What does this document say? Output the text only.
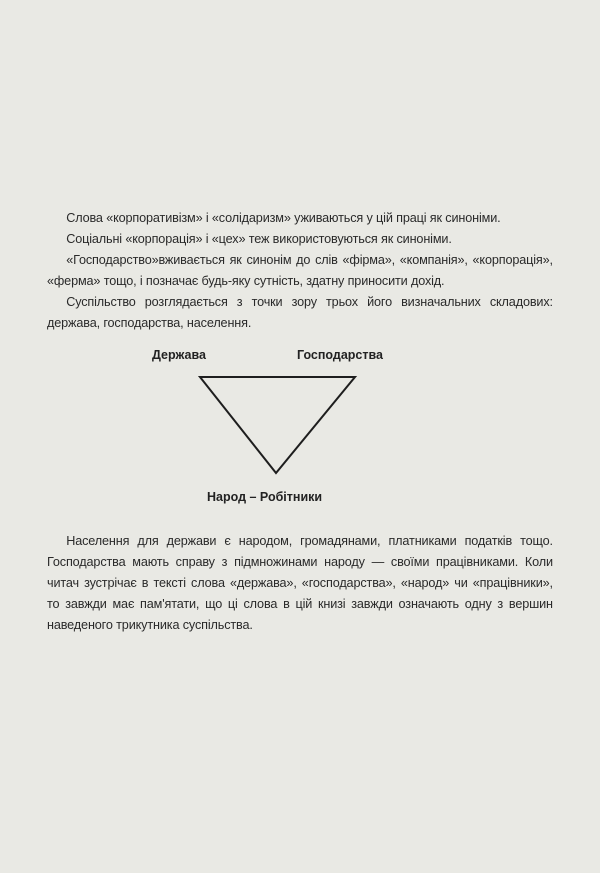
Слова «корпоративізм» і «солідаризм» уживаються у цій праці як синоніми.

Соціальні «корпорація» і «цех» теж використовуються як синоніми.

«Господарство»вживається як синонім до слів «фірма», «компанія», «корпорація», «ферма» тощо, і позначає будь-яку сутність, здатну приносити дохід.

Суспільство розглядається з точки зору трьох його визначальних складових: держава, господарства, населення.

Держава	Господарства
Народ – Робітники

Населення для держави є народом, громадянами, платниками податків тощо. Господарства мають справу з підмножинами народу — своїми працівниками. Коли читач зустрічає в тексті слова «держава», «господарства», «народ» чи «працівники», то завжди має пам'ятати, що ці слова в цій книзі завжди означають одну з вершин наведеного трикутника суспільства.
